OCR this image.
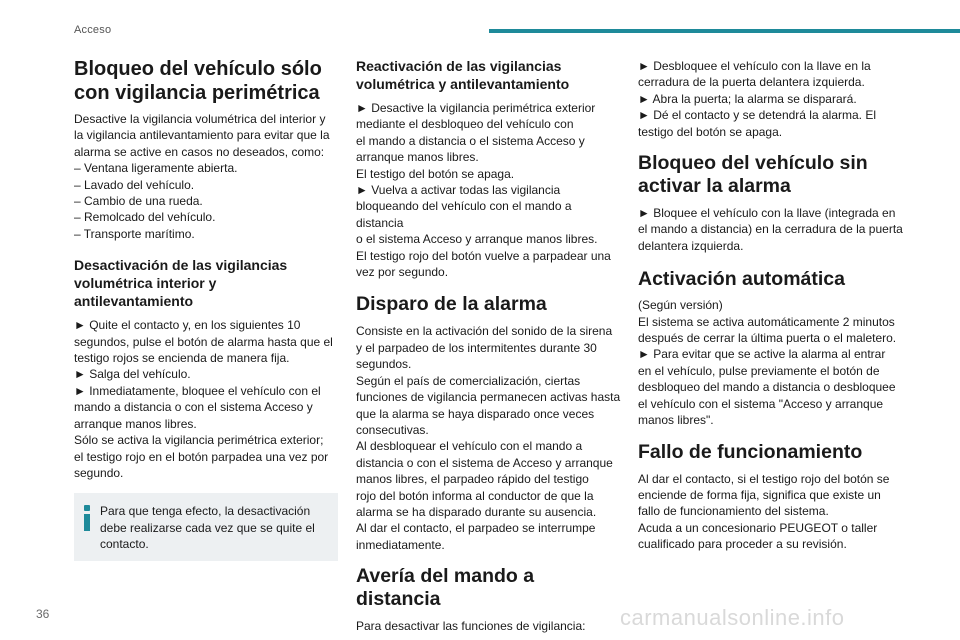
Acceso
Bloqueo del vehículo sólo
con vigilancia perimétrica

Desactive la vigilancia volumétrica del interior y
la vigilancia antilevantamiento para evitar que la
alarma se active en casos no deseados, como:
– Ventana ligeramente abierta.
– Lavado del vehículo.
– Cambio de una rueda.
– Remolcado del vehículo.
– Transporte marítimo.

Desactivación de las vigilancias
volumétrica interior y
antilevantamiento

► Quite el contacto y, en los siguientes 10
segundos, pulse el botón de alarma hasta que el
testigo rojos se encienda de manera fija.
► Salga del vehículo.
► Inmediatamente, bloquee el vehículo con el
mando a distancia o con el sistema Acceso y
arranque manos libres.
Sólo se activa la vigilancia perimétrica exterior;
el testigo rojo en el botón parpadea una vez por
segundo.

Para que tenga efecto, la desactivación
debe realizarse cada vez que se quite el
contacto.

Reactivación de las vigilancias
volumétrica y antilevantamiento

► Desactive la vigilancia perimétrica exterior
mediante el desbloqueo del vehículo con
el mando a distancia o el sistema Acceso y
arranque manos libres.
El testigo del botón se apaga.
► Vuelva a activar todas las vigilancia
bloqueando del vehículo con el mando a distancia
o el sistema Acceso y arranque manos libres.
El testigo rojo del botón vuelve a parpadear una
vez por segundo.

Disparo de la alarma

Consiste en la activación del sonido de la sirena
y el parpadeo de los intermitentes durante 30
segundos.
Según el país de comercialización, ciertas
funciones de vigilancia permanecen activas hasta
que la alarma se haya disparado once veces
consecutivas.
Al desbloquear el vehículo con el mando a
distancia o con el sistema de Acceso y arranque
manos libres, el parpadeo rápido del testigo
rojo del botón informa al conductor de que la
alarma se ha disparado durante su ausencia.
Al dar el contacto, el parpadeo se interrumpe
inmediatamente.

Avería del mando a distancia

Para desactivar las funciones de vigilancia:

► Desbloquee el vehículo con la llave en la
cerradura de la puerta delantera izquierda.
► Abra la puerta; la alarma se disparará.
► Dé el contacto y se detendrá la alarma. El
testigo del botón se apaga.

Bloqueo del vehículo sin
activar la alarma

► Bloquee el vehículo con la llave (integrada en
el mando a distancia) en la cerradura de la puerta
delantera izquierda.

Activación automática

(Según versión)
El sistema se activa automáticamente 2 minutos
después de cerrar la última puerta o el maletero.
► Para evitar que se active la alarma al entrar
en el vehículo, pulse previamente el botón de
desbloqueo del mando a distancia o desbloquee
el vehículo con el sistema "Acceso y arranque
manos libres".

Fallo de funcionamiento

Al dar el contacto, si el testigo rojo del botón se
enciende de forma fija, significa que existe un
fallo de funcionamiento del sistema.
Acuda a un concesionario PEUGEOT o taller
cualificado para proceder a su revisión.

36	carmanualsonline.info
